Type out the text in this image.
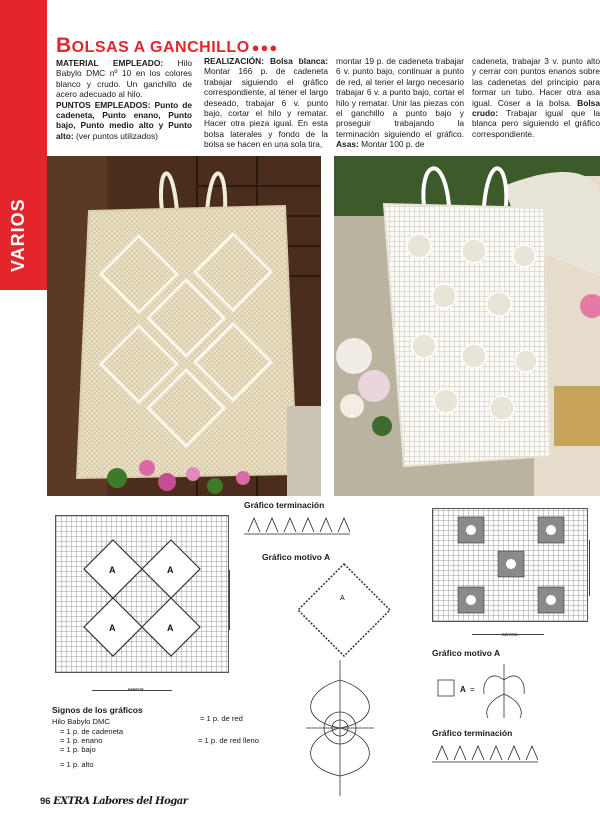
BOLSAS A GANCHILLO ●●●
MATERIAL EMPLEADO: Hilo Babylo DMC nº 10 en los colores blanco y crudo. Un ganchillo de acero adecuado al hilo.
PUNTOS EMPLEADOS: Punto de cadeneta, Punto enano, Punto bajo, Punto medio alto y Punto alto: (ver puntos utilizados)
REALIZACIÓN: Bolsa blanca: Montar 166 p. de cadeneta trabajar siguiendo el gráfico correspondiente, al tener el largo deseado, trabajar 6 v. punto bajo, cortar el hilo y rematar. Hacer otra pieza igual. En esta bolsa laterales y fondo de la bolsa se hacen en una sola tira,
montar 19 p. de cadeneta trabajar 6 v. punto bajo, continuar a punto de red, al tener el largo necesario trabajar 6 v. a punto bajo, cortar el hilo y rematar. Unir las piezas con el ganchillo a punto bajo y proseguir trabajando la terminación siguiendo el gráfico. Asas: Montar 100 p. de
cadeneta, trabajar 3 v. punto alto y cerrar con puntos enanos sobre las cadenetas del principio para formar un tubo. Hacer otra asa igual. Coser a la bolsa. Bolsa crudo: Trabajar igual que la blanca pero siguiendo el gráfico correspondiente.
A	A
A	A
REPETIR
Gráfico terminación
Gráfico motivo A
A
REPETIR
Gráfico motivo A
A =
Gráfico terminación
Signos de los gráficos
Hilo Babylo DMC
= 1 p. de cadeneta
= 1 p. enano
= 1 p. bajo
= 1 p. alto
= 1 p. de red
= 1 p. de red lleno
96 EXTRA Labores del Hogar
